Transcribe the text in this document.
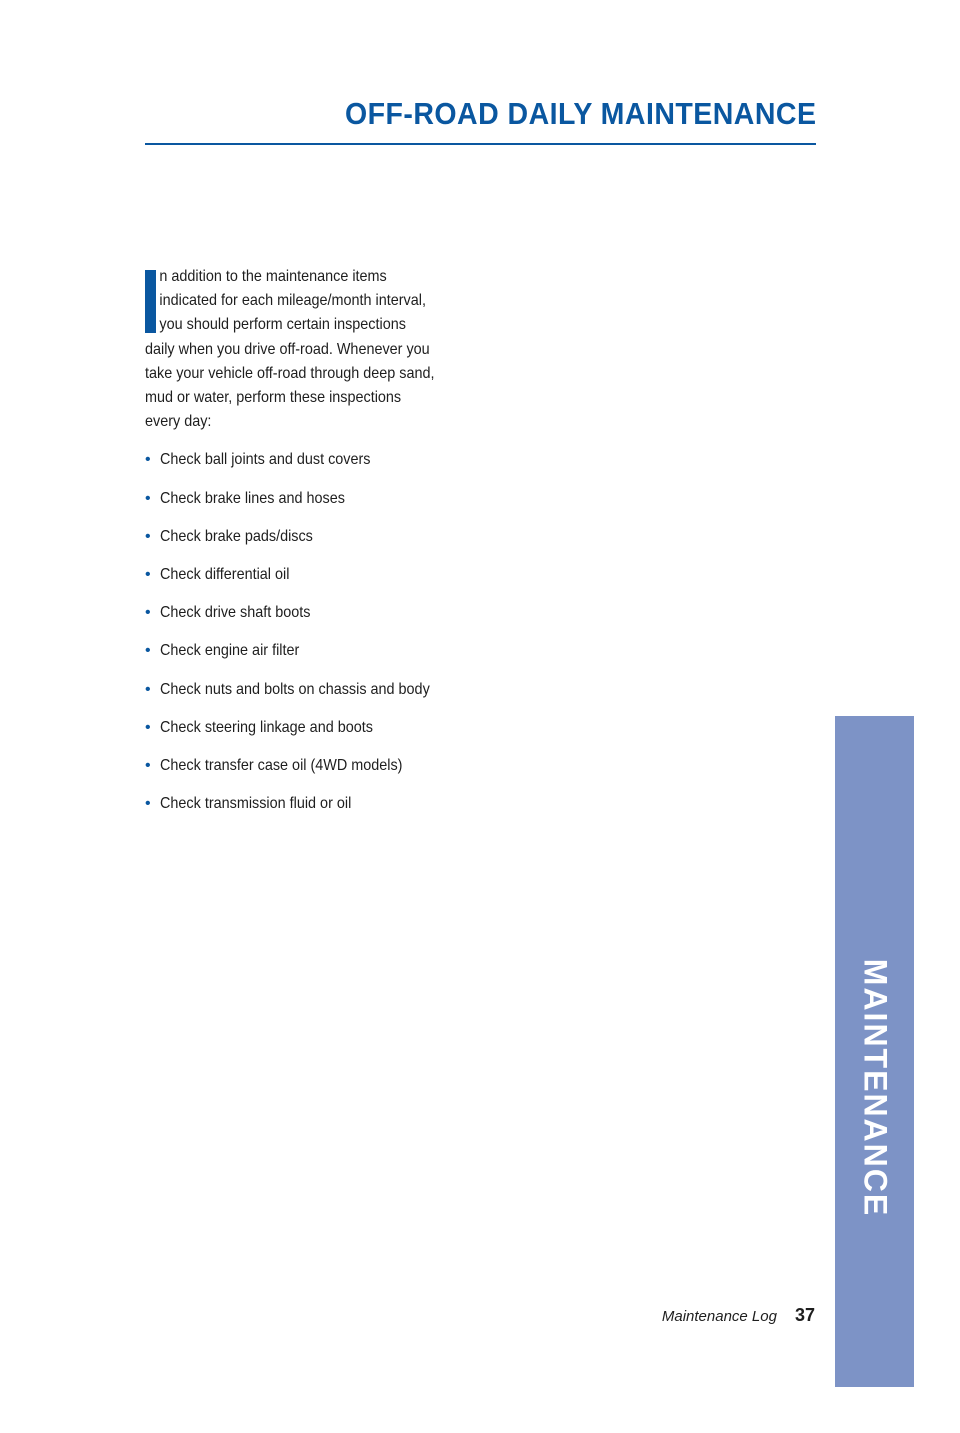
OFF-ROAD DAILY MAINTENANCE
n addition to the maintenance items
indicated for each mileage/month interval,
you should perform certain inspections
daily when you drive off-road. Whenever you
take your vehicle off-road through deep sand,
mud or water, perform these inspections
every day:
• Check ball joints and dust covers
• Check brake lines and hoses
• Check brake pads/discs
• Check differential oil
• Check drive shaft boots
• Check engine air filter
• Check nuts and bolts on chassis and body
• Check steering linkage and boots
• Check transfer case oil (4WD models)
• Check transmission fluid or oil
MAINTENANCE
Maintenance Log 37
